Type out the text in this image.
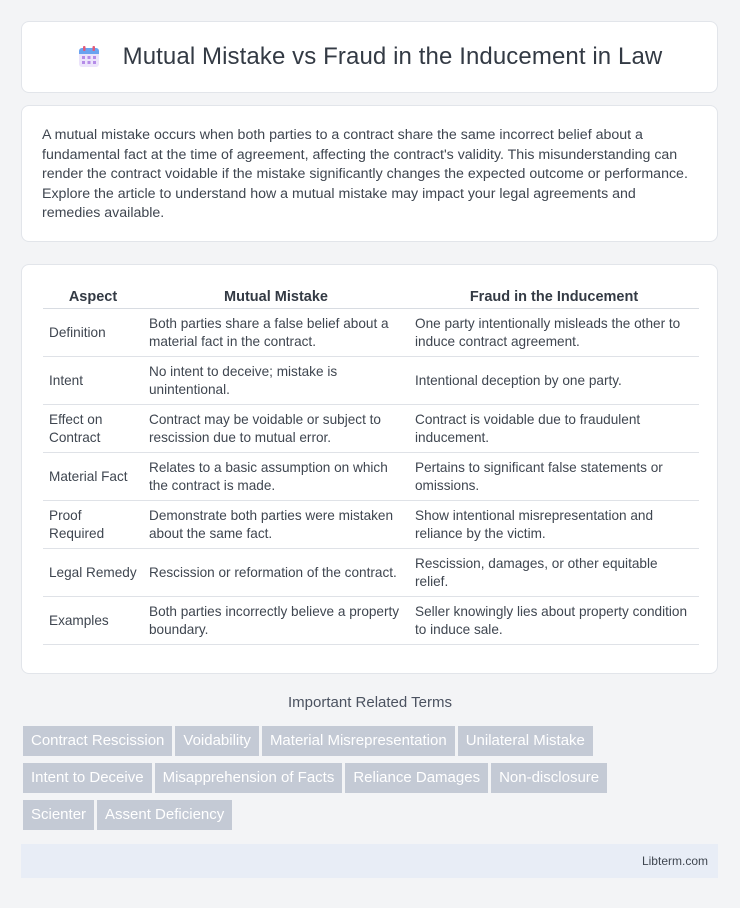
Mutual Mistake vs Fraud in the Inducement in Law

A mutual mistake occurs when both parties to a contract share the same incorrect belief about a fundamental fact at the time of agreement, affecting the contract's validity. This misunderstanding can render the contract voidable if the mistake significantly changes the expected outcome or performance. Explore the article to understand how a mutual mistake may impact your legal agreements and remedies available.

Aspect	Mutual Mistake	Fraud in the Inducement
Definition	Both parties share a false belief about a material fact in the contract.	One party intentionally misleads the other to induce contract agreement.
Intent	No intent to deceive; mistake is unintentional.	Intentional deception by one party.
Effect on Contract	Contract may be voidable or subject to rescission due to mutual error.	Contract is voidable due to fraudulent inducement.
Material Fact	Relates to a basic assumption on which the contract is made.	Pertains to significant false statements or omissions.
Proof Required	Demonstrate both parties were mistaken about the same fact.	Show intentional misrepresentation and reliance by the victim.
Legal Remedy	Rescission or reformation of the contract.	Rescission, damages, or other equitable relief.
Examples	Both parties incorrectly believe a property boundary.	Seller knowingly lies about property condition to induce sale.
Important Related Terms
Contract Rescission Voidability Material Misrepresentation Unilateral Mistake
Intent to Deceive Misapprehension of Facts Reliance Damages Non-disclosure
Scienter Assent Deficiency
Libterm.com
